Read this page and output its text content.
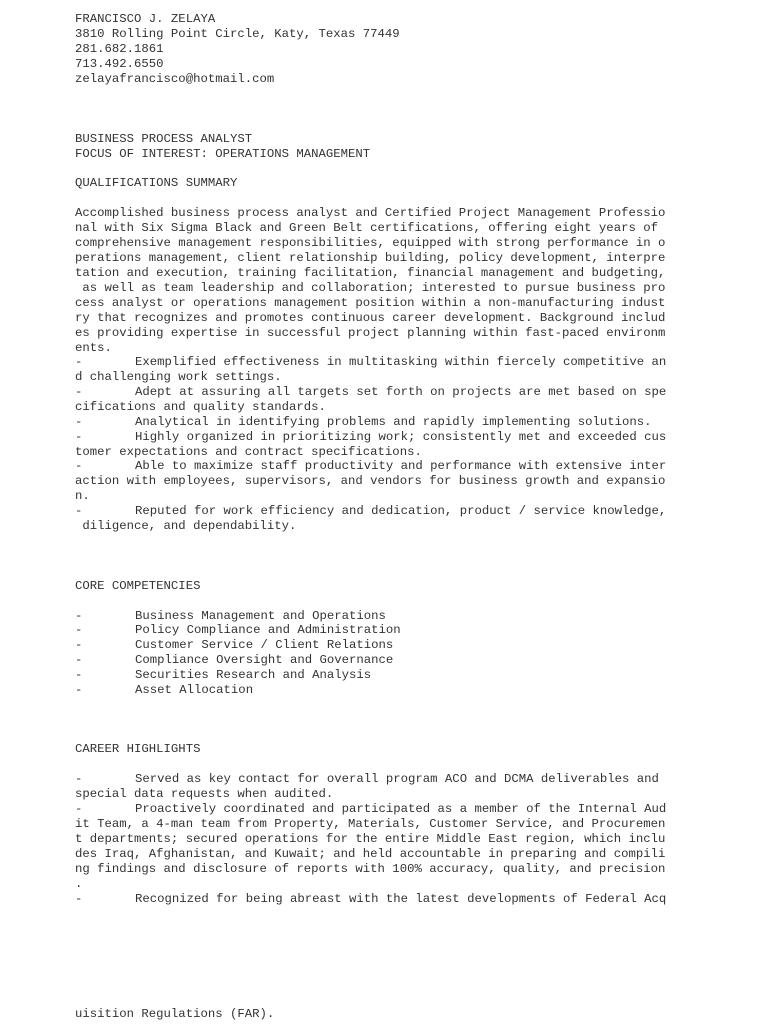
FRANCISCO J. ZELAYA
3810 Rolling Point Circle, Katy, Texas 77449
281.682.1861
713.492.6550
zelayafrancisco@hotmail.com
BUSINESS PROCESS ANALYST
FOCUS OF INTEREST: OPERATIONS MANAGEMENT
QUALIFICATIONS SUMMARY
Accomplished business process analyst and Certified Project Management Professio
nal with Six Sigma Black and Green Belt certifications, offering eight years of
comprehensive management responsibilities, equipped with strong performance in o
perations management, client relationship building, policy development, interpre
tation and execution, training facilitation, financial management and budgeting,
as well as team leadership and collaboration; interested to pursue business pro
cess analyst or operations management position within a non-manufacturing indust
ry that recognizes and promotes continuous career development. Background includ
es providing expertise in successful project planning within fast-paced environm
ents.
-	Exemplified effectiveness in multitasking within fiercely competitive an
d challenging work settings.
-	Adept at assuring all targets set forth on projects are met based on spe
cifications and quality standards.
-	Analytical in identifying problems and rapidly implementing solutions.
-	Highly organized in prioritizing work; consistently met and exceeded cus
tomer expectations and contract specifications.
-	Able to maximize staff productivity and performance with extensive inter
action with employees, supervisors, and vendors for business growth and expansio
n.
-	Reputed for work efficiency and dedication, product / service knowledge,
diligence, and dependability.
CORE COMPETENCIES
-	Business Management and Operations
-	Policy Compliance and Administration
-	Customer Service / Client Relations
-	Compliance Oversight and Governance
-	Securities Research and Analysis
-	Asset Allocation
CAREER HIGHLIGHTS
-	Served as key contact for overall program ACO and DCMA deliverables and
special data requests when audited.
-	Proactively coordinated and participated as a member of the Internal Aud
it Team, a 4-man team from Property, Materials, Customer Service, and Procuremen
t departments; secured operations for the entire Middle East region, which inclu
des Iraq, Afghanistan, and Kuwait; and held accountable in preparing and compili
ng findings and disclosure of reports with 100% accuracy, quality, and precision
.
-	Recognized for being abreast with the latest developments of Federal Acq
uisition Regulations (FAR).
